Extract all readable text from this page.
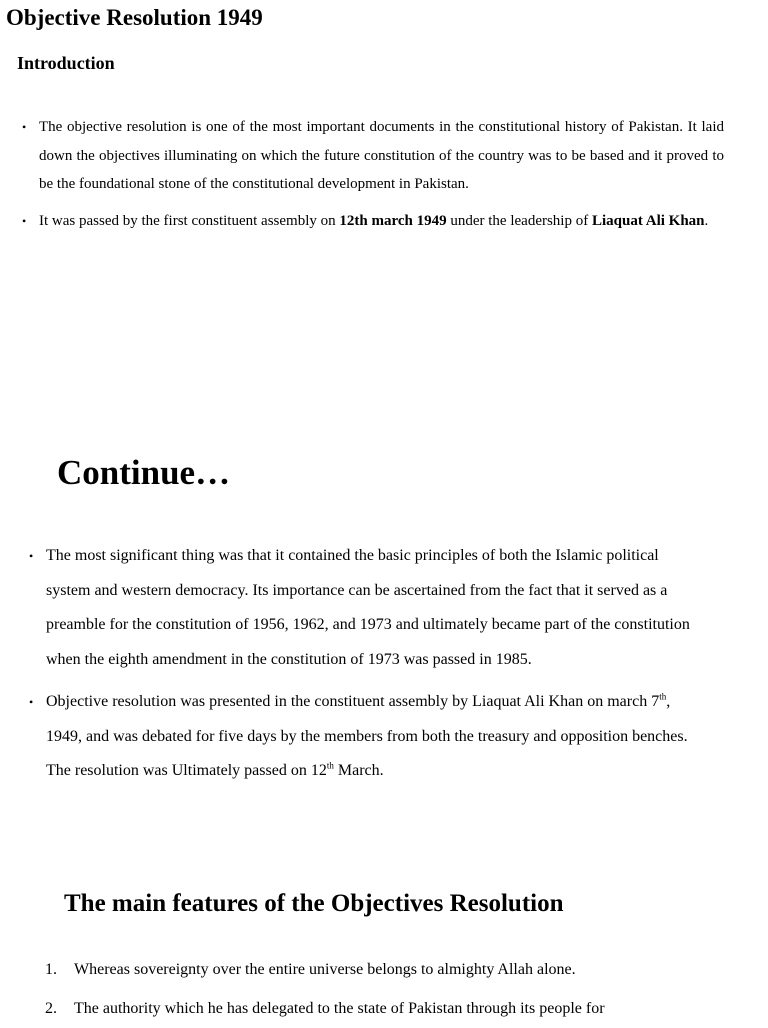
Objective Resolution 1949
Introduction
• The objective resolution is one of the most important documents in the constitutional history of Pakistan. It laid down the objectives illuminating on which the future constitution of the country was to be based and it proved to be the foundational stone of the constitutional development in Pakistan.
• It was passed by the first constituent assembly on 12th march 1949 under the leadership of Liaquat Ali Khan.
Continue…
• The most significant thing was that it contained the basic principles of both the Islamic political system and western democracy. Its importance can be ascertained from the fact that it served as a preamble for the constitution of 1956, 1962, and 1973 and ultimately became part of the constitution when the eighth amendment in the constitution of 1973 was passed in 1985.
• Objective resolution was presented in the constituent assembly by Liaquat Ali Khan on march 7th, 1949, and was debated for five days by the members from both the treasury and opposition benches. The resolution was Ultimately passed on 12th March.
The main features of the Objectives Resolution
1. Whereas sovereignty over the entire universe belongs to almighty Allah alone.
2. The authority which he has delegated to the state of Pakistan through its people for
